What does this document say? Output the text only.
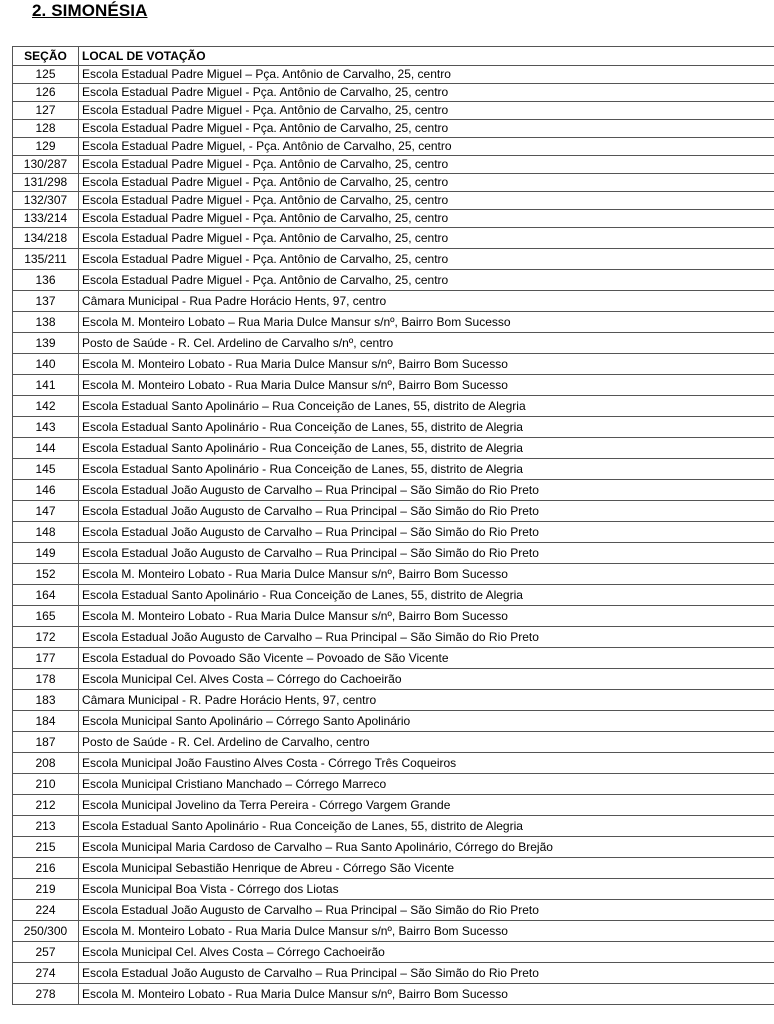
2. SIMONÉSIA
SEÇÃO	LOCAL DE VOTAÇÃO
125	Escola Estadual Padre Miguel – Pça. Antônio de Carvalho, 25, centro
126	Escola Estadual Padre Miguel - Pça. Antônio de Carvalho, 25, centro
127	Escola Estadual Padre Miguel - Pça. Antônio de Carvalho, 25, centro
128	Escola Estadual Padre Miguel - Pça. Antônio de Carvalho, 25, centro
129	Escola Estadual Padre Miguel, - Pça. Antônio de Carvalho, 25, centro
130/287	Escola Estadual Padre Miguel - Pça. Antônio de Carvalho, 25, centro
131/298	Escola Estadual Padre Miguel - Pça. Antônio de Carvalho, 25, centro
132/307	Escola Estadual Padre Miguel - Pça. Antônio de Carvalho, 25, centro
133/214	Escola Estadual Padre Miguel - Pça. Antônio de Carvalho, 25, centro
134/218	Escola Estadual Padre Miguel - Pça. Antônio de Carvalho, 25, centro
135/211	Escola Estadual Padre Miguel - Pça. Antônio de Carvalho, 25, centro
136	Escola Estadual Padre Miguel - Pça. Antônio de Carvalho, 25, centro
137	Câmara Municipal - Rua Padre Horácio Hents, 97, centro
138	Escola M. Monteiro Lobato – Rua Maria Dulce Mansur s/nº, Bairro Bom Sucesso
139	Posto de Saúde - R. Cel. Ardelino de Carvalho s/nº, centro
140	Escola M. Monteiro Lobato - Rua Maria Dulce Mansur s/nº, Bairro Bom Sucesso
141	Escola M. Monteiro Lobato - Rua Maria Dulce Mansur s/nº, Bairro Bom Sucesso
142	Escola Estadual Santo Apolinário – Rua Conceição de Lanes, 55, distrito de Alegria
143	Escola Estadual Santo Apolinário - Rua Conceição de Lanes, 55, distrito de Alegria
144	Escola Estadual Santo Apolinário - Rua Conceição de Lanes, 55, distrito de Alegria
145	Escola Estadual Santo Apolinário - Rua Conceição de Lanes, 55, distrito de Alegria
146	Escola Estadual João Augusto de Carvalho – Rua Principal – São Simão do Rio Preto
147	Escola Estadual João Augusto de Carvalho – Rua Principal – São Simão do Rio Preto
148	Escola Estadual João Augusto de Carvalho – Rua Principal – São Simão do Rio Preto
149	Escola Estadual João Augusto de Carvalho – Rua Principal – São Simão do Rio Preto
152	Escola M. Monteiro Lobato - Rua Maria Dulce Mansur s/nº, Bairro Bom Sucesso
164	Escola Estadual Santo Apolinário - Rua Conceição de Lanes, 55, distrito de Alegria
165	Escola M. Monteiro Lobato - Rua Maria Dulce Mansur s/nº, Bairro Bom Sucesso
172	Escola Estadual João Augusto de Carvalho – Rua Principal – São Simão do Rio Preto
177	Escola Estadual do Povoado São Vicente – Povoado de São Vicente
178	Escola Municipal Cel. Alves Costa – Córrego do Cachoeirão
183	Câmara Municipal - R. Padre Horácio Hents, 97, centro
184	Escola Municipal Santo Apolinário – Córrego Santo Apolinário
187	Posto de Saúde - R. Cel. Ardelino de Carvalho, centro
208	Escola Municipal João Faustino Alves Costa - Córrego Três Coqueiros
210	Escola Municipal Cristiano Manchado – Córrego Marreco
212	Escola Municipal Jovelino da Terra Pereira - Córrego Vargem Grande
213	Escola Estadual Santo Apolinário - Rua Conceição de Lanes, 55, distrito de Alegria
215	Escola Municipal Maria Cardoso de Carvalho – Rua Santo Apolinário, Córrego do Brejão
216	Escola Municipal Sebastião Henrique de Abreu - Córrego São Vicente
219	Escola Municipal Boa Vista - Córrego dos Liotas
224	Escola Estadual João Augusto de Carvalho – Rua Principal – São Simão do Rio Preto
250/300	Escola M. Monteiro Lobato - Rua Maria Dulce Mansur s/nº, Bairro Bom Sucesso
257	Escola Municipal Cel. Alves Costa – Córrego Cachoeirão
274	Escola Estadual João Augusto de Carvalho – Rua Principal – São Simão do Rio Preto
278	Escola M. Monteiro Lobato - Rua Maria Dulce Mansur s/nº, Bairro Bom Sucesso
